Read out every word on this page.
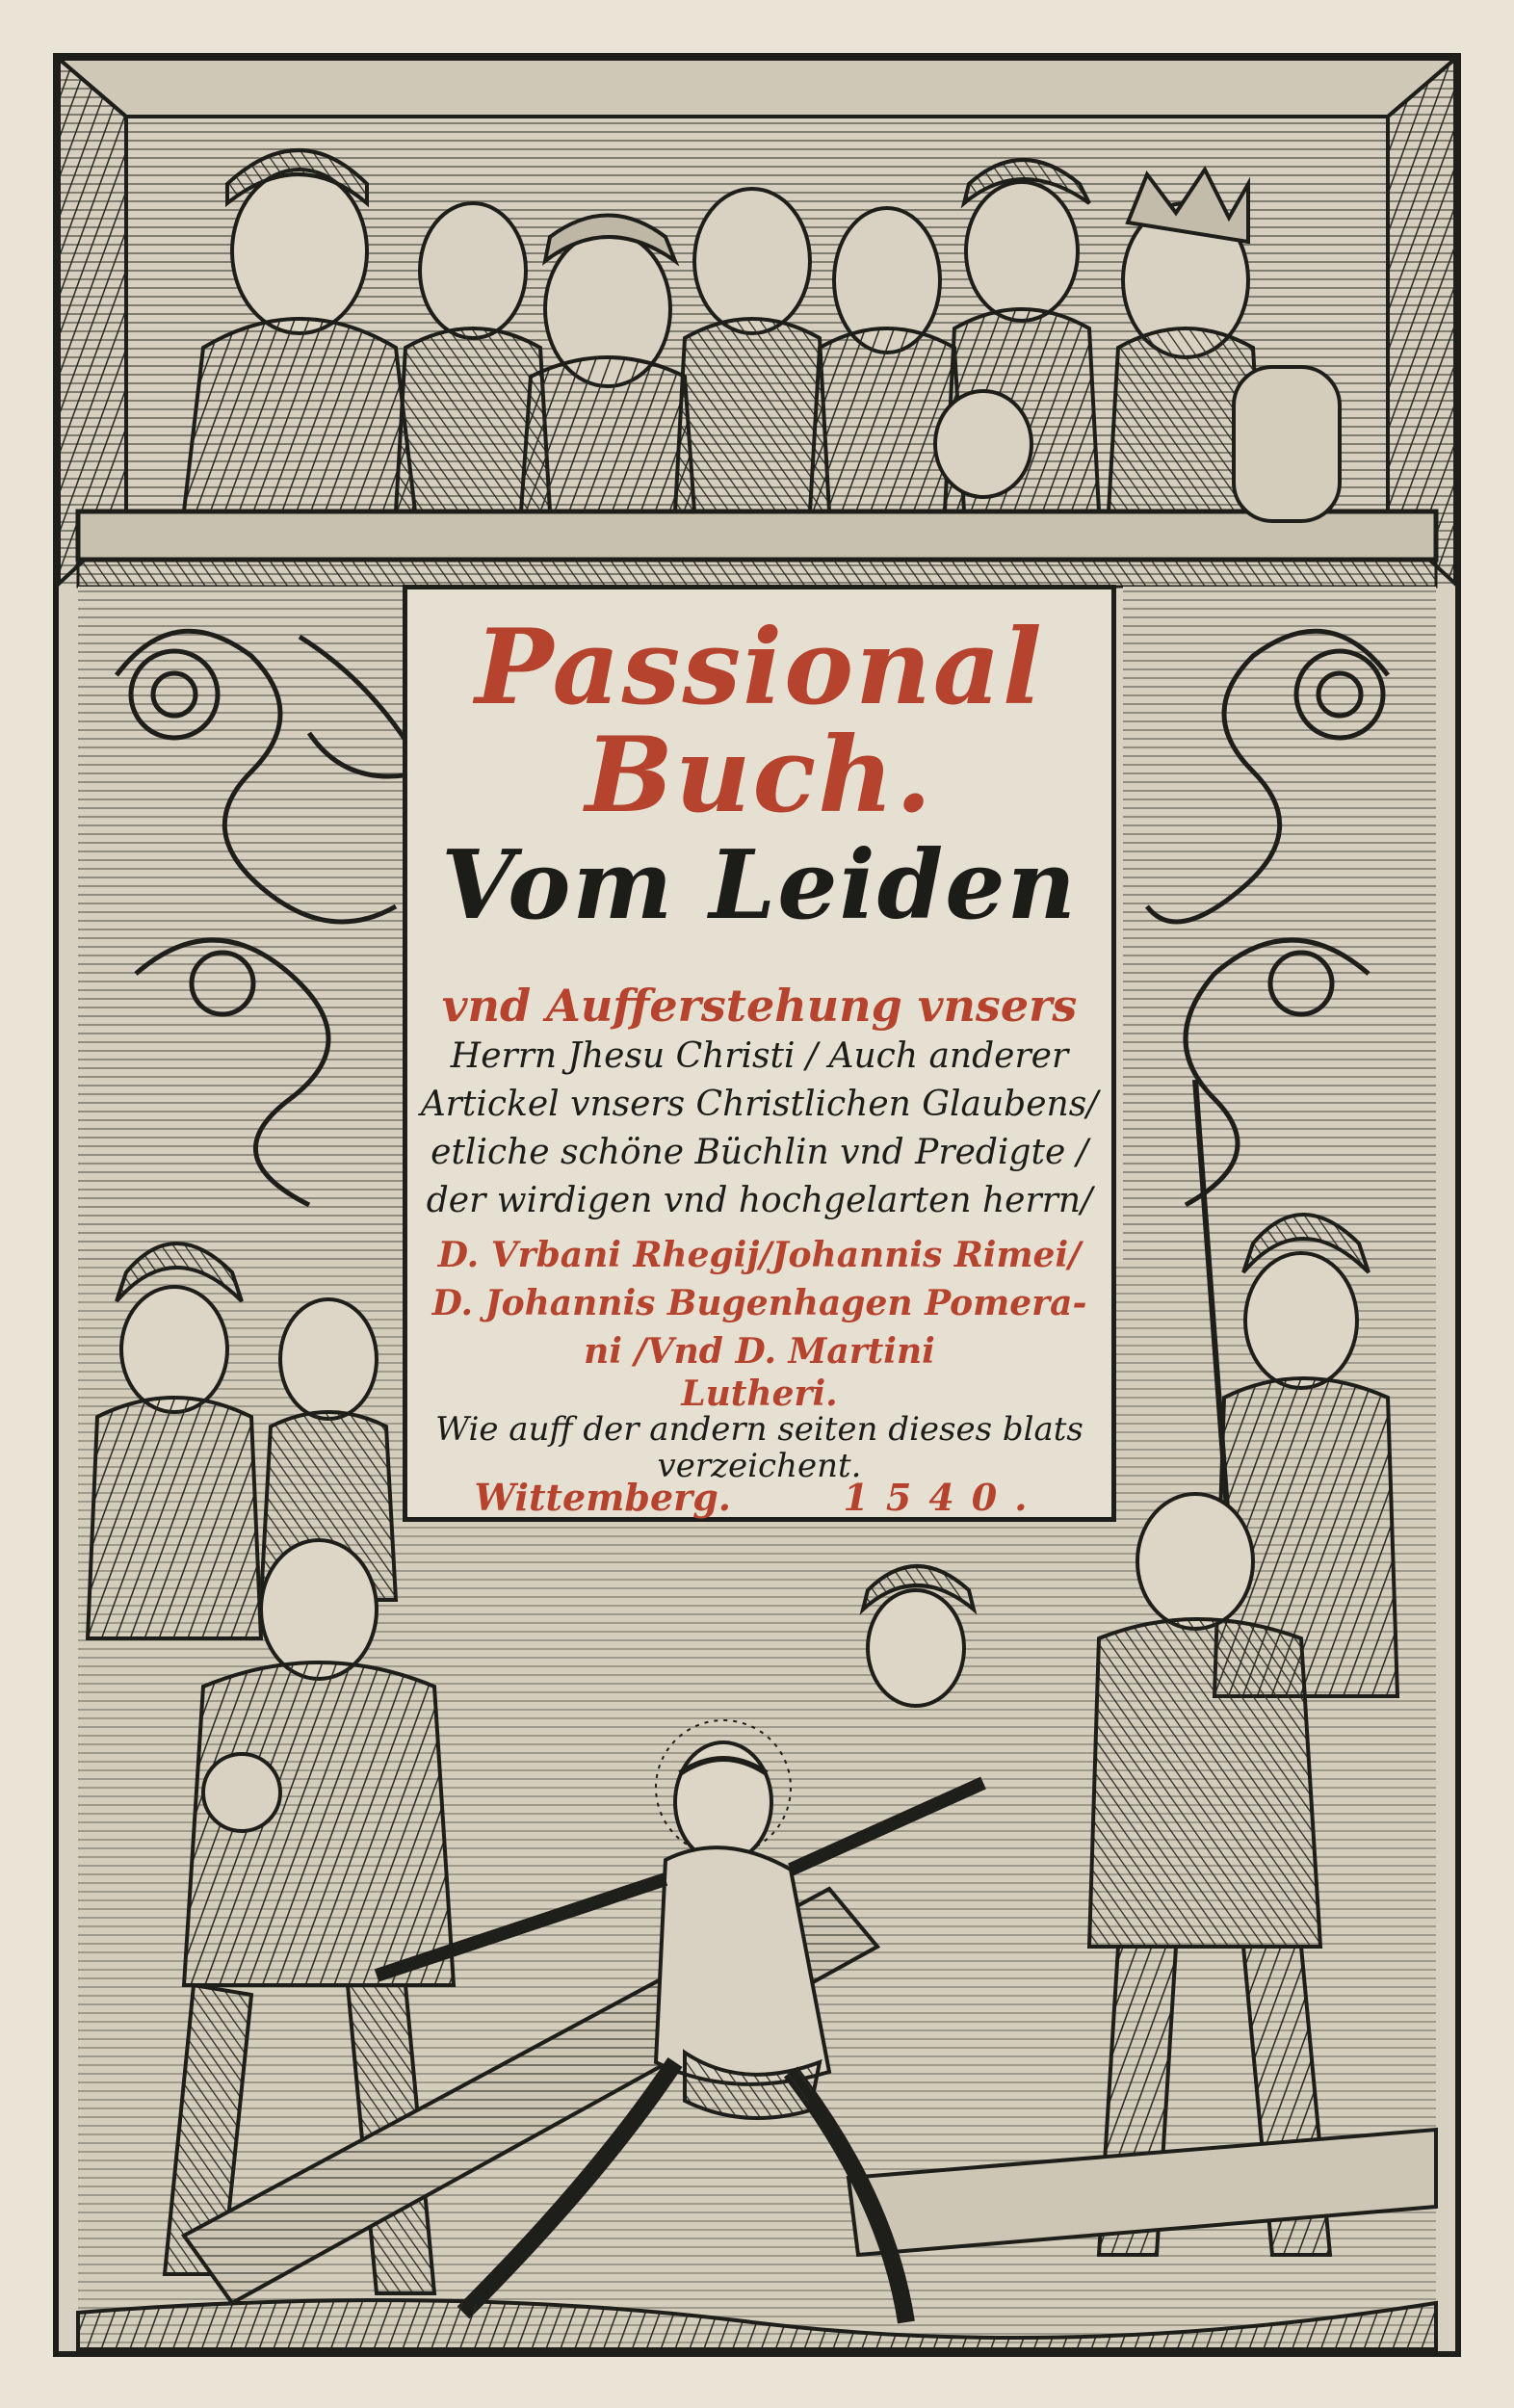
Passional
Buch.
Vom Leiden
vnd Aufferstehung vnsers
Herrn Jhesu Christi / Auch anderer
Artickel vnsers Christlichen Glaubens/
etliche schöne Büchlin vnd Predigte /
der wirdigen vnd hochgelarten herrn/
D. Vrbani Rhegij/Johannis Rimei/
D. Johannis Bugenhagen Pomera-
ni /Vnd D. Martini
Lutheri.
Wie auff der andern seiten dieses blats
verzeichent.
Wittemberg.	1540.
